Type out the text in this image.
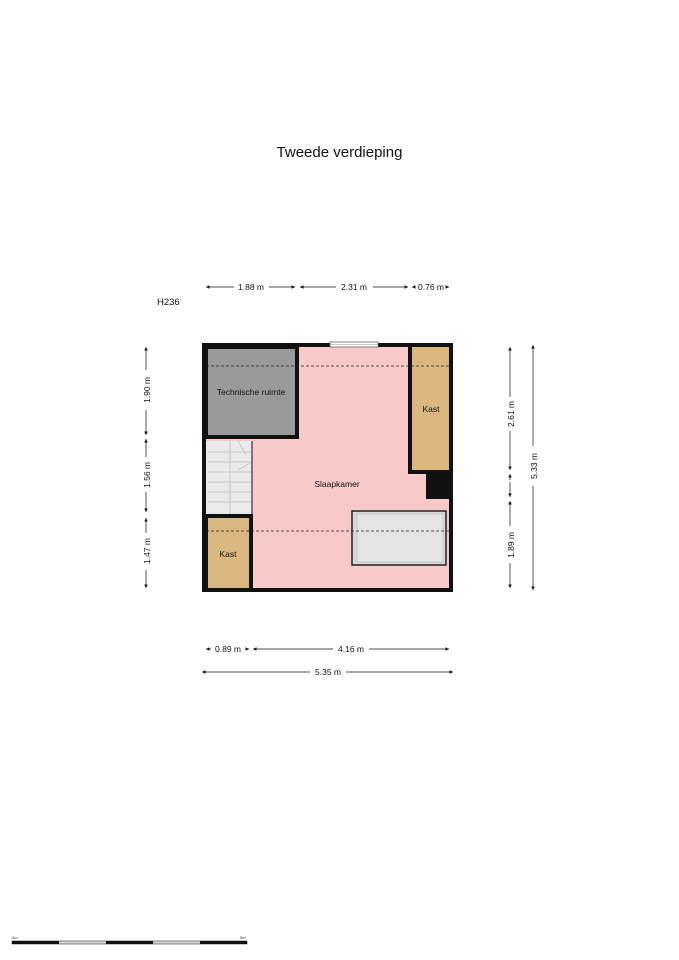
Tweede verdieping
H236
Technische ruimte
Slaapkamer
Kast
Kast
1.88 m	2.31 m	0.76 m
1.90 m
1.56 m
1.47 m
2.61 m
1.89 m
5.33 m
0.89 m	4.16 m
5.35 m
0m	5m
